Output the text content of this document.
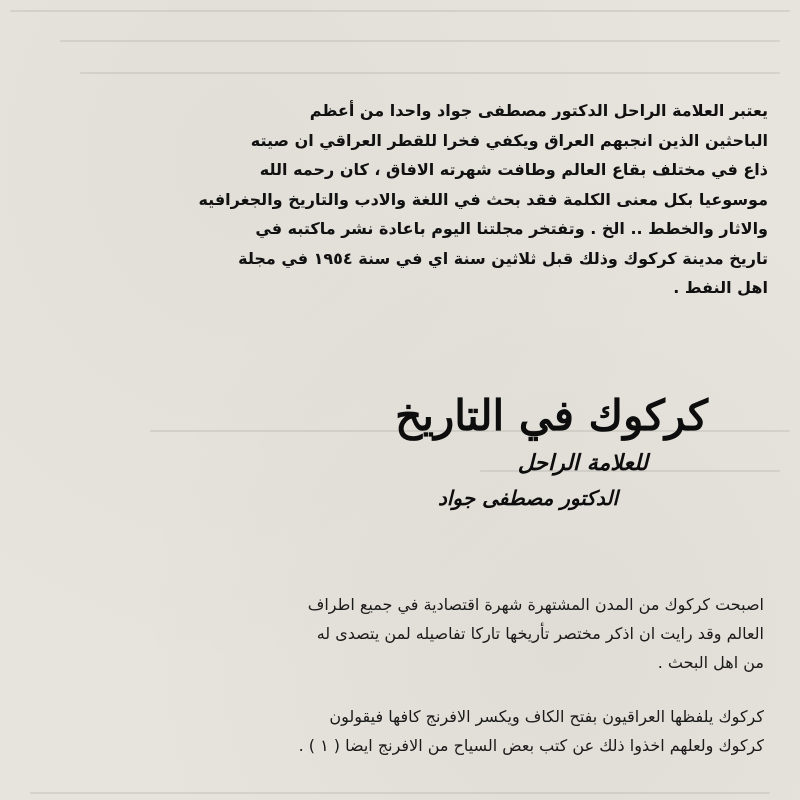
يعتبر العلامة الراحل الدكتور مصطفى جواد واحدا من أعظم

الباحثين الذين انجبهم العراق ويكفي فخرا للقطر العراقي ان صيته

ذاع في مختلف بقاع العالم وطافت شهرته الافاق ، كان رحمه الله

موسوعيا بكل معنى الكلمة فقد بحث في اللغة والادب والتاريخ والجغرافيه

والاثار والخطط .. الخ . وتفتخر مجلتنا اليوم باعادة نشر ماكتبه في

تاريخ مدينة كركوك وذلك قبل ثلاثين سنة اي في سنة ١٩٥٤ في مجلة

اهل النفط .

كركوك في التاريخ
للعلامة الراحل
الدكتور مصطفى جواد
اصبحت كركوك من المدن المشتهرة شهرة اقتصادية في جميع اطراف
العالم وقد رايت ان اذكر مختصر تأريخها تاركا تفاصيله لمن يتصدى له
من اهل البحث .
كركوك يلفظها العراقيون بفتح الكاف ويكسر الافرنج كافها فيقولون
كركوك ولعلهم اخذوا ذلك عن كتب بعض السياح من الافرنج ايضا ( ١ ) .
